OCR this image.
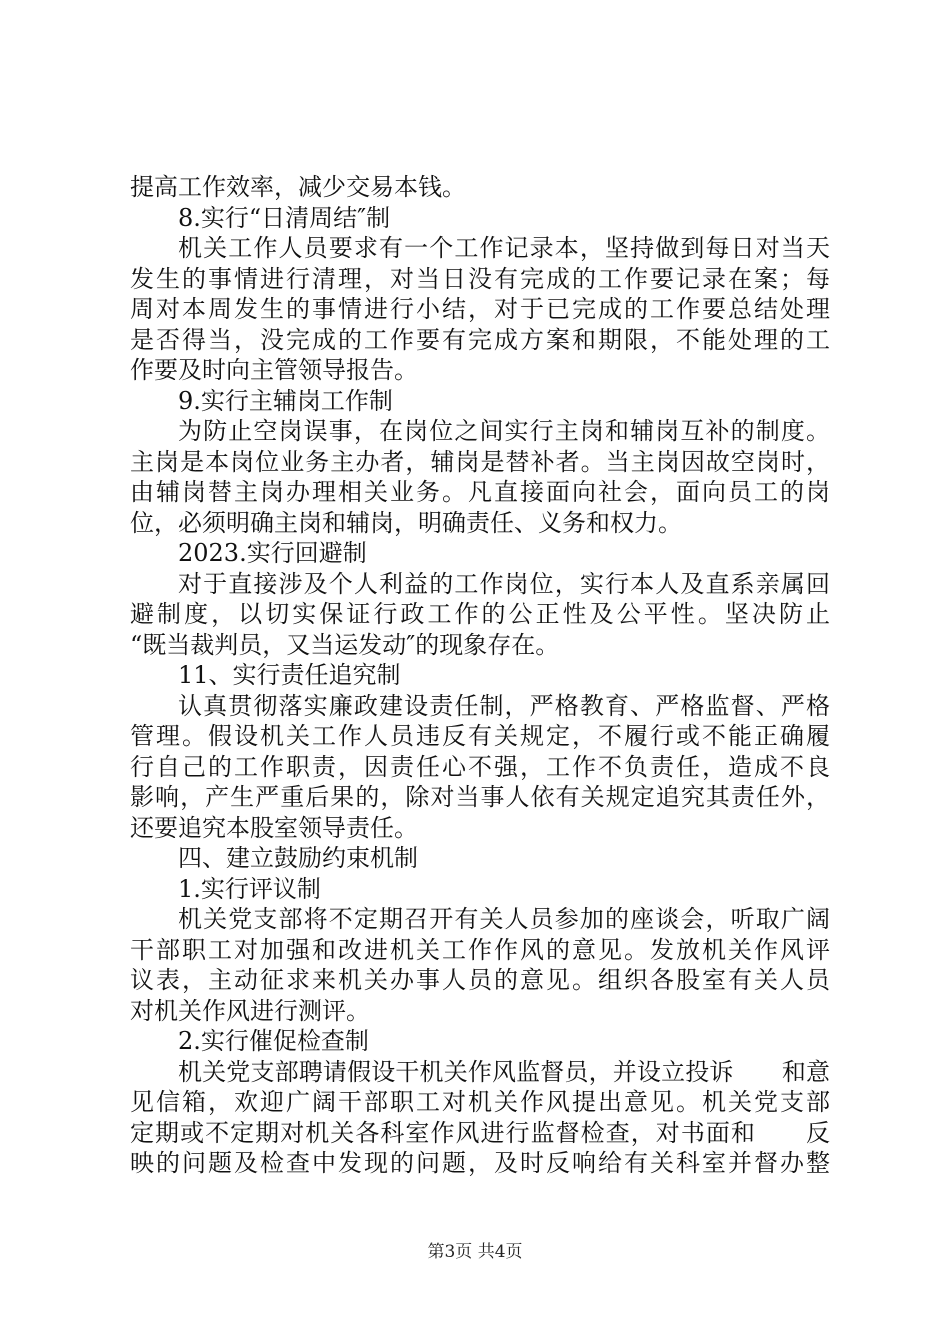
提高工作效率，减少交易本钱。
8.实行“日清周结″制
机关工作人员要求有一个工作记录本，坚持做到每日对当天
发生的事情进行清理，对当日没有完成的工作要记录在案；每
周对本周发生的事情进行小结，对于已完成的工作要总结处理
是否得当，没完成的工作要有完成方案和期限，不能处理的工
作要及时向主管领导报告。
9.实行主辅岗工作制
为防止空岗误事，在岗位之间实行主岗和辅岗互补的制度。
主岗是本岗位业务主办者，辅岗是替补者。当主岗因故空岗时，
由辅岗替主岗办理相关业务。凡直接面向社会，面向员工的岗
位，必须明确主岗和辅岗，明确责任、义务和权力。
2023.实行回避制
对于直接涉及个人利益的工作岗位，实行本人及直系亲属回
避制度，以切实保证行政工作的公正性及公平性。坚决防止
“既当裁判员，又当运发动″的现象存在。
11、实行责任追究制
认真贯彻落实廉政建设责任制，严格教育、严格监督、严格
管理。假设机关工作人员违反有关规定，不履行或不能正确履
行自己的工作职责，因责任心不强，工作不负责任，造成不良
影响，产生严重后果的，除对当事人依有关规定追究其责任外，
还要追究本股室领导责任。
四、建立鼓励约束机制
1.实行评议制
机关党支部将不定期召开有关人员参加的座谈会，听取广阔
干部职工对加强和改进机关工作作风的意见。发放机关作风评
议表，主动征求来机关办事人员的意见。组织各股室有关人员
对机关作风进行测评。
2.实行催促检查制
机关党支部聘请假设干机关作风监督员，并设立投诉　　和意
见信箱，欢迎广阔干部职工对机关作风提出意见。机关党支部
定期或不定期对机关各科室作风进行监督检查，对书面和　　反
映的问题及检查中发现的问题，及时反响给有关科室并督办整
第3页 共4页
